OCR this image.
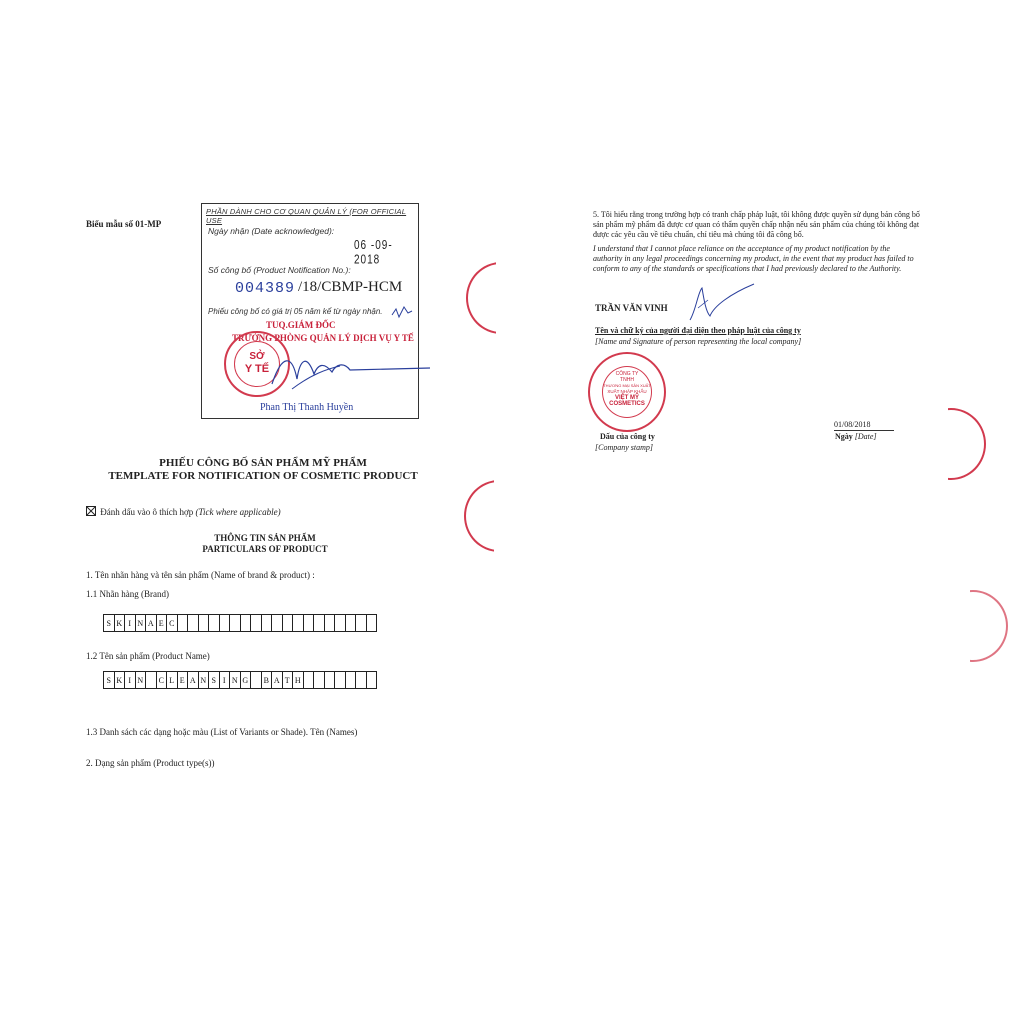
Biểu mẫu số 01-MP
PHẦN DÀNH CHO CƠ QUAN QUẢN LÝ (FOR OFFICIAL USE
Ngày nhận (Date acknowledged):
06 -09- 2018
Số công bố (Product Notification No.):
004389 /18/CBMP-HCM
Phiếu công bố có giá trị 05 năm kể từ ngày nhận.
TUQ.GIÁM ĐỐC
TRƯỞNG PHÒNG QUẢN LÝ DỊCH VỤ Y TẾ
SỞ
Y TẾ
Phan Thị Thanh Huyền
PHIẾU CÔNG BỐ SẢN PHẨM MỸ PHẨM
TEMPLATE FOR NOTIFICATION OF COSMETIC PRODUCT
Đánh dấu vào ô thích hợp (Tick where applicable)
THÔNG TIN SẢN PHẨM
PARTICULARS OF PRODUCT
1. Tên nhãn hàng và tên sản phẩm (Name of brand & product) :
1.1 Nhãn hàng (Brand)
S K I N A E C
1.2 Tên sản phẩm (Product Name)
S K I N	C L E A N S I N G	B A T H
1.3 Danh sách các dạng hoặc màu (List of Variants or Shade). Tên (Names)
2. Dạng sản phẩm (Product type(s))
5. Tôi hiểu rằng trong trường hợp có tranh chấp pháp luật, tôi không được quyền sử dụng bản công bố
sản phẩm mỹ phẩm đã được cơ quan có thẩm quyền chấp nhận nếu sản phẩm của chúng tôi không đạt
được các yêu cầu về tiêu chuẩn, chỉ tiêu mà chúng tôi đã công bố.
I understand that I cannot place reliance on the acceptance of my product notification by the
authority in any legal proceedings concerning my product, in the event that my product has failed to
conform to any of the standards or specifications that I had previously declared to the Authority.
TRẦN VĂN VINH
Tên và chữ ký của người đại diện theo pháp luật của công ty
[Name and Signature of person representing the local company]
CÔNG TY
TNHH
THƯƠNG MẠI SẢN XUẤT
XUẤT NHẬP KHẨU
VIỆT MỸ
COSMETICS
Dấu của công ty
[Company stamp]
01/08/2018
Ngày [Date]
